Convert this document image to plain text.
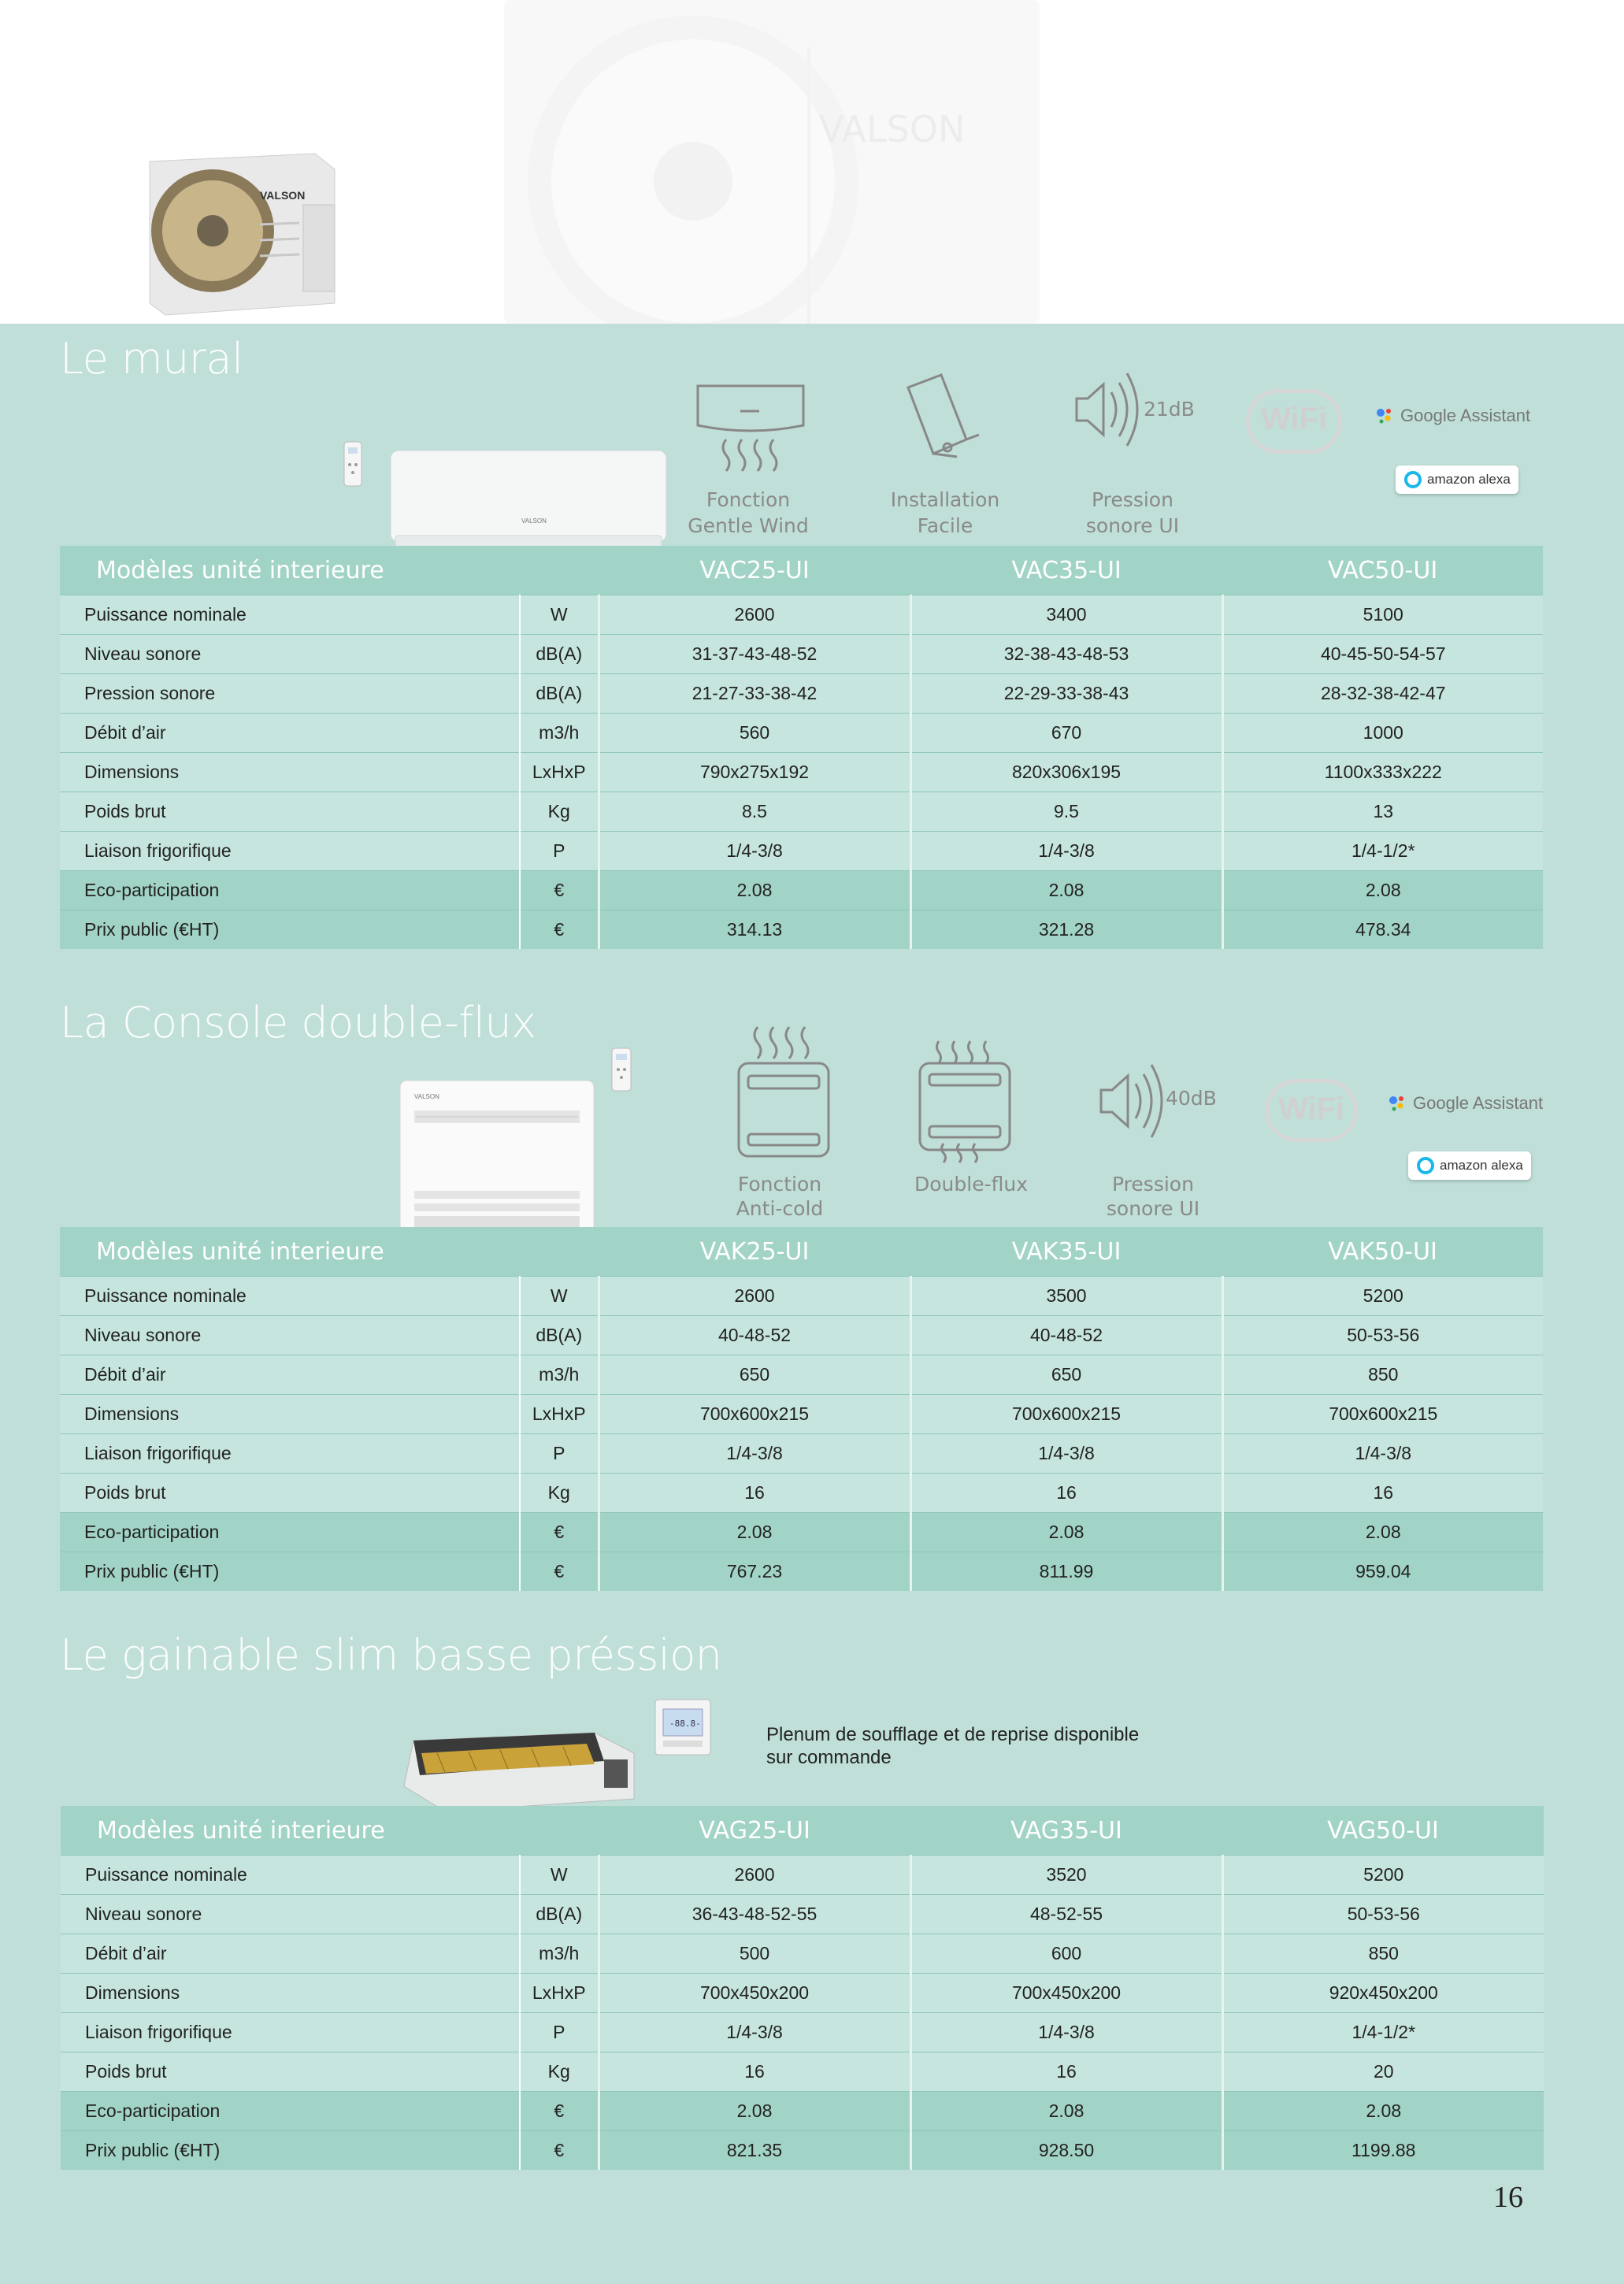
VALSON
VALSON
Le mural
VALSON
Fonction
Gentle Wind
Installation
Facile
21dB
Pression
sonore UI
WiFi	Google Assistant
amazon alexa
Modèles unité interieure		VAC25-UI	VAC35-UI	VAC50-UI
Puissance nominale	W	2600	3400	5100
Niveau sonore	dB(A)	31-37-43-48-52	32-38-43-48-53	40-45-50-54-57
Pression sonore	dB(A)	21-27-33-38-42	22-29-33-38-43	28-32-38-42-47
Débit d’air	m3/h	560	670	1000
Dimensions	LxHxP	790x275x192	820x306x195	1100x333x222
Poids brut	Kg	8.5	9.5	13
Liaison frigorifique	P	1/4-3/8	1/4-3/8	1/4-1/2*
Eco-participation	€	2.08	2.08	2.08
Prix public (€HT)	€	314.13	321.28	478.34
La Console double-flux
VALSON
Fonction
Anti-cold
Double-flux
40dB
Pression
sonore UI
WiFi	Google Assistant
amazon alexa
Modèles unité interieure		VAK25-UI	VAK35-UI	VAK50-UI
Puissance nominale	W	2600	3500	5200
Niveau sonore	dB(A)	40-48-52	40-48-52	50-53-56
Débit d’air	m3/h	650	650	850
Dimensions	LxHxP	700x600x215	700x600x215	700x600x215
Liaison frigorifique	P	1/4-3/8	1/4-3/8	1/4-3/8
Poids brut	Kg	16	16	16
Eco-participation	€	2.08	2.08	2.08
Prix public (€HT)	€	767.23	811.99	959.04
Le gainable slim basse préssion
-88.8-
Plenum de soufflage et de reprise disponible
sur commande
Modèles unité interieure		VAG25-UI	VAG35-UI	VAG50-UI
Puissance nominale	W	2600	3520	5200
Niveau sonore	dB(A)	36-43-48-52-55	48-52-55	50-53-56
Débit d’air	m3/h	500	600	850
Dimensions	LxHxP	700x450x200	700x450x200	920x450x200
Liaison frigorifique	P	1/4-3/8	1/4-3/8	1/4-1/2*
Poids brut	Kg	16	16	20
Eco-participation	€	2.08	2.08	2.08
Prix public (€HT)	€	821.35	928.50	1199.88
16
